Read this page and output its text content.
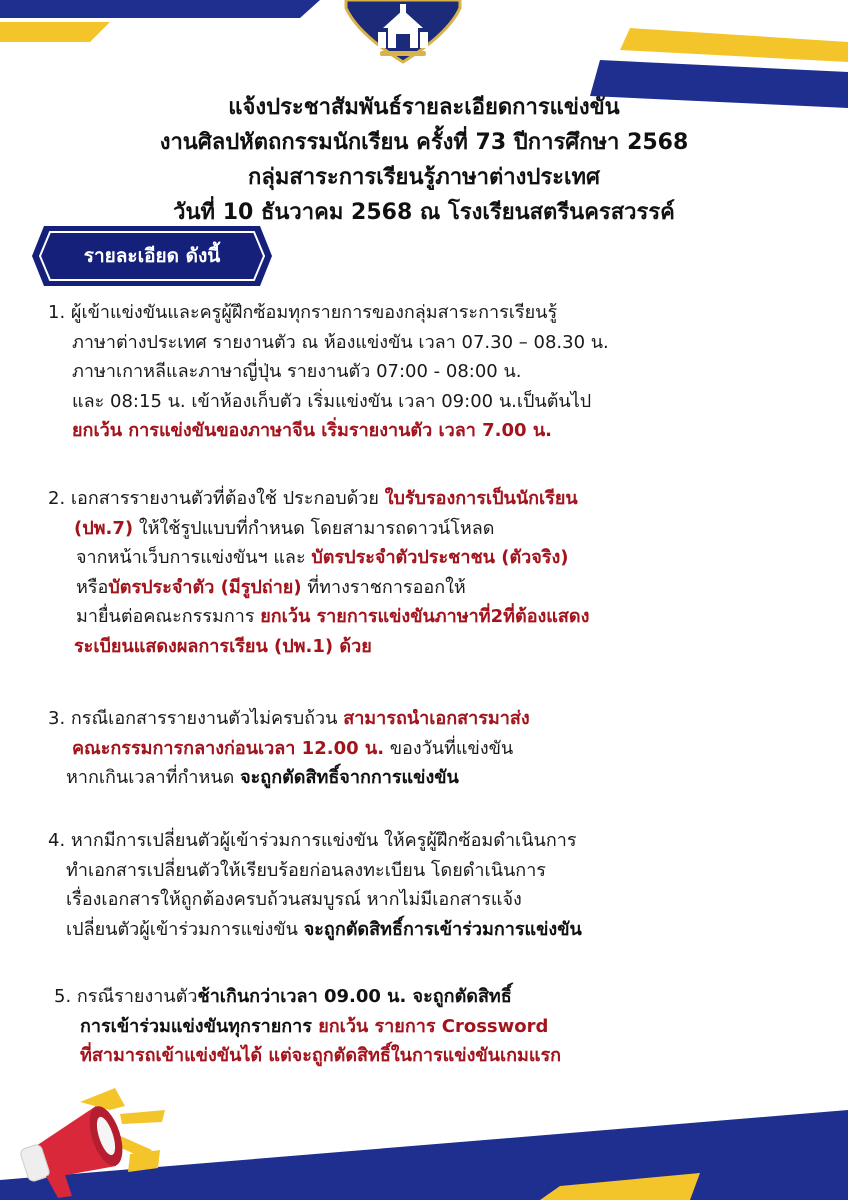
แจ้งประชาสัมพันธ์รายละเอียดการแข่งขัน
งานศิลปหัตถกรรมนักเรียน ครั้งที่ 73 ปีการศึกษา 2568
กลุ่มสาระการเรียนรู้ภาษาต่างประเทศ
วันที่ 10 ธันวาคม 2568 ณ โรงเรียนสตรีนครสวรรค์
รายละเอียด ดังนี้
1. ผู้เข้าแข่งขันและครูผู้ฝึกซ้อมทุกรายการของกลุ่มสาระการเรียนรู้
ภาษาต่างประเทศ รายงานตัว ณ ห้องแข่งขัน เวลา 07.30 – 08.30 น.
ภาษาเกาหลีและภาษาญี่ปุ่น รายงานตัว 07:00 - 08:00 น.
และ 08:15 น. เข้าห้องเก็บตัว เริ่มแข่งขัน เวลา 09:00 น.เป็นต้นไป
ยกเว้น การแข่งขันของภาษาจีน เริ่มรายงานตัว เวลา 7.00 น.
2. เอกสารรายงานตัวที่ต้องใช้ ประกอบด้วย ใบรับรองการเป็นนักเรียน
(ปพ.7) ให้ใช้รูปแบบที่กำหนด โดยสามารถดาวน์โหลด
จากหน้าเว็บการแข่งขันฯ และ บัตรประจำตัวประชาชน (ตัวจริง)
หรือบัตรประจำตัว (มีรูปถ่าย) ที่ทางราชการออกให้
มายื่นต่อคณะกรรมการ ยกเว้น รายการแข่งขันภาษาที่2ที่ต้องแสดง
ระเบียนแสดงผลการเรียน (ปพ.1) ด้วย
3. กรณีเอกสารรายงานตัวไม่ครบถ้วน สามารถนำเอกสารมาส่ง
คณะกรรมการกลางก่อนเวลา 12.00 น. ของวันที่แข่งขัน
หากเกินเวลาที่กำหนด จะถูกตัดสิทธิ์จากการแข่งขัน
4. หากมีการเปลี่ยนตัวผู้เข้าร่วมการแข่งขัน ให้ครูผู้ฝึกซ้อมดำเนินการ
ทำเอกสารเปลี่ยนตัวให้เรียบร้อยก่อนลงทะเบียน โดยดำเนินการ
เรื่องเอกสารให้ถูกต้องครบถ้วนสมบูรณ์ หากไม่มีเอกสารแจ้ง
เปลี่ยนตัวผู้เข้าร่วมการแข่งขัน จะถูกตัดสิทธิ์การเข้าร่วมการแข่งขัน
5. กรณีรายงานตัวช้าเกินกว่าเวลา 09.00 น. จะถูกตัดสิทธิ์
การเข้าร่วมแข่งขันทุกรายการ ยกเว้น รายการ Crossword
ที่สามารถเข้าแข่งขันได้ แต่จะถูกตัดสิทธิ์ในการแข่งขันเกมแรก
